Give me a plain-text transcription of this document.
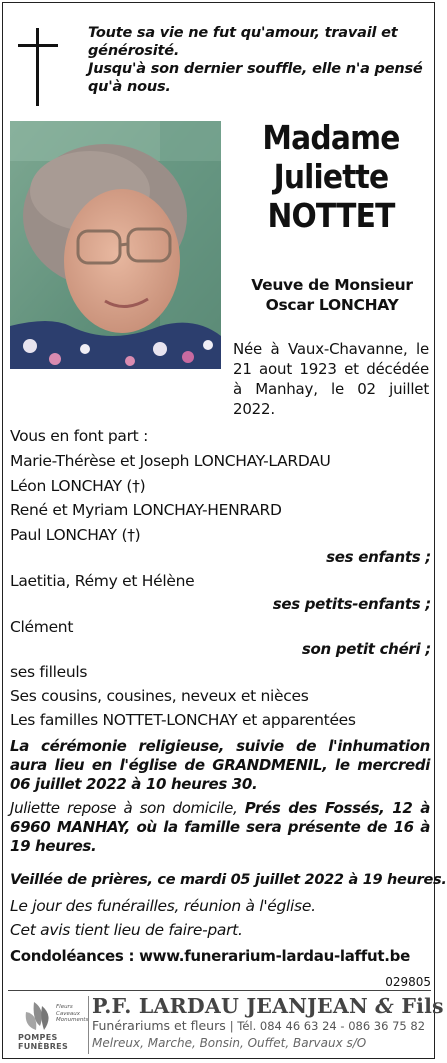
Toute sa vie ne fut qu'amour, travail et
générosité.
Jusqu'à son dernier souffle, elle n'a pensé
qu'à nous.
Madame
Juliette
NOTTET
Veuve de Monsieur
Oscar LONCHAY
Née à Vaux-Chavanne, le 21 aout 1923 et décédée à Manhay, le 02 juillet 2022.
Vous en font part :
Marie-Thérèse et Joseph LONCHAY-LARDAU
Léon LONCHAY (†)
René et Myriam LONCHAY-HENRARD
Paul LONCHAY (†)
ses enfants ;
Laetitia, Rémy et Hélène
ses petits-enfants ;
Clément
son petit chéri ;
ses filleuls
Ses cousins, cousines, neveux et nièces
Les familles NOTTET-LONCHAY et apparentées
La cérémonie religieuse, suivie de l'inhumation aura lieu en l'église de GRANDMENIL, le mercredi 06 juillet 2022 à 10 heures 30.
Juliette repose à son domicile, Prés des Fossés, 12 à 6960 MANHAY, où la famille sera présente de 16 à 19 heures.
Veillée de prières, ce mardi 05 juillet 2022 à 19 heures.
Le jour des funérailles, réunion à l'église.
Cet avis tient lieu de faire-part.
Condoléances : www.funerarium-lardau-laffut.be
029805
Fleurs
Caveaux
Monuments
POMPES
FUNÈBRES
P.F. LARDAU JEANJEAN & Fils
Funérariums et fleurs | Tél. 084 46 63 24 - 086 36 75 82
Melreux, Marche, Bonsin, Ouffet, Barvaux s/O
